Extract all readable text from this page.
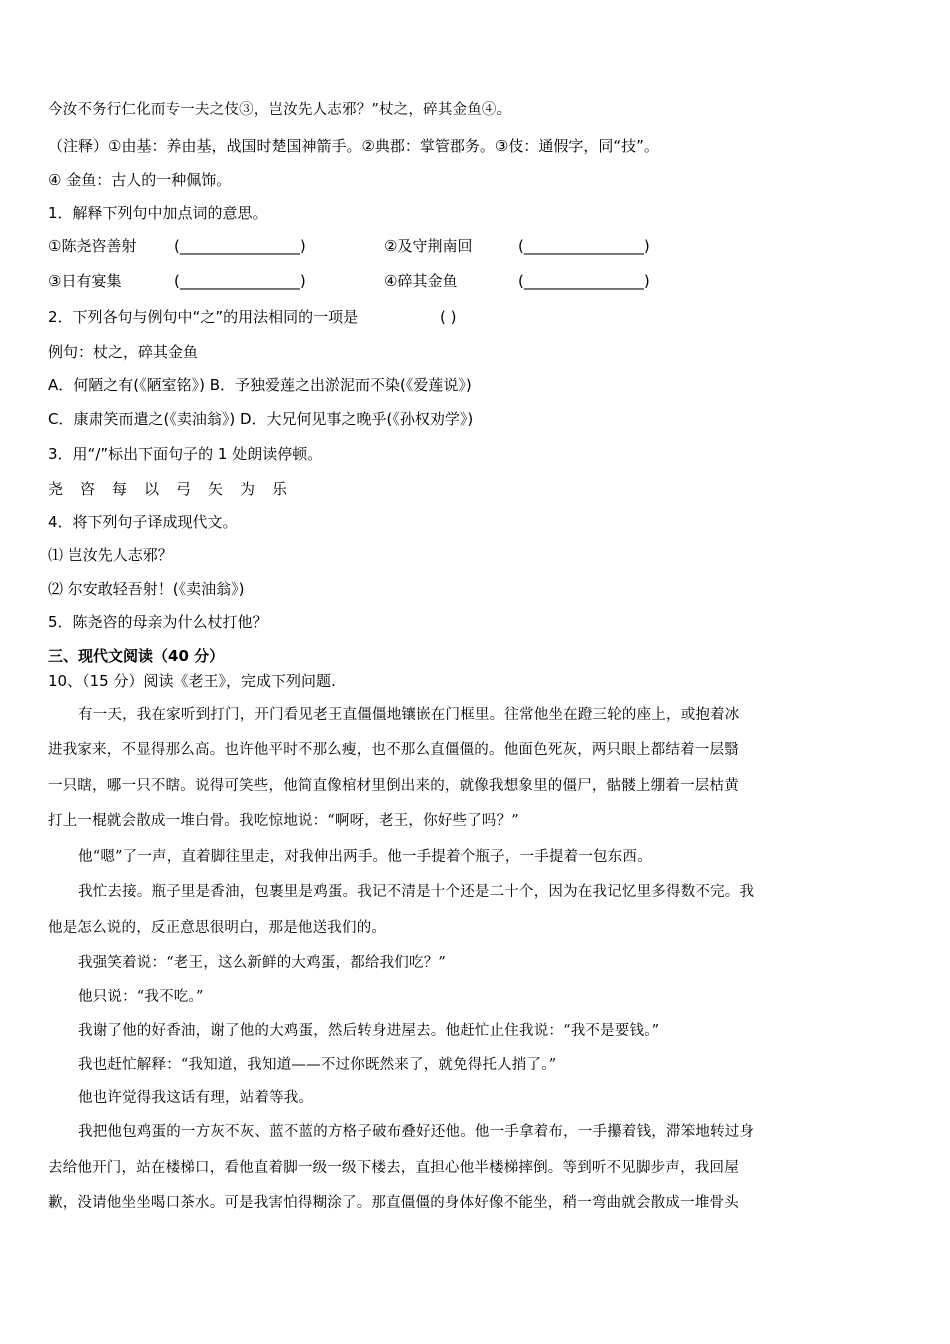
今汝不务行仁化而专一夫之伎③，岂汝先人志邪？”杖之，碎其金鱼④。
（注释）①由基：养由基，战国时楚国神箭手。②典郡：掌管郡务。③伎：通假字，同“技”。
④ 金鱼：古人的一种佩饰。
1．解释下列句中加点词的意思。
①陈尧咨善射	(________________)	②及守荆南回	(________________)
③日有宴集	(________________)	④碎其金鱼	(________________)
2．下列各句与例句中“之”的用法相同的一项是	( )
例句：杖之，碎其金鱼
A．何陋之有(《陋室铭》) B．予独爱莲之出淤泥而不染(《爱莲说》)
C．康肃笑而遣之(《卖油翁》) D．大兄何见事之晚乎(《孙权劝学》)
3．用“/”标出下面句子的 1 处朗读停顿。
尧咨每以弓矢为乐
4．将下列句子译成现代文。
⑴ 岂汝先人志邪？
⑵ 尔安敢轻吾射！(《卖油翁》)
5．陈尧咨的母亲为什么杖打他？
三、现代文阅读（40 分）
10、（15 分）阅读《老王》，完成下列问题.
有一天，我在家听到打门，开门看见老王直僵僵地镶嵌在门框里。往常他坐在蹬三轮的座上，或抱着冰
进我家来，不显得那么高。也许他平时不那么瘦，也不那么直僵僵的。他面色死灰，两只眼上都结着一层翳
一只瞎，哪一只不瞎。说得可笑些，他简直像棺材里倒出来的，就像我想象里的僵尸，骷髅上绷着一层枯黄
打上一棍就会散成一堆白骨。我吃惊地说：“啊呀，老王，你好些了吗？”
他“嗯”了一声，直着脚往里走，对我伸出两手。他一手提着个瓶子，一手提着一包东西。
我忙去接。瓶子里是香油，包裹里是鸡蛋。我记不清是十个还是二十个，因为在我记忆里多得数不完。我
他是怎么说的，反正意思很明白，那是他送我们的。
我强笑着说：“老王，这么新鲜的大鸡蛋，都给我们吃？”
他只说：“我不吃。”
我谢了他的好香油，谢了他的大鸡蛋，然后转身进屋去。他赶忙止住我说：“我不是要钱。”
我也赶忙解释：“我知道，我知道——不过你既然来了，就免得托人捎了。”
他也许觉得我这话有理，站着等我。
我把他包鸡蛋的一方灰不灰、蓝不蓝的方格子破布叠好还他。他一手拿着布，一手攥着钱，滞笨地转过身
去给他开门，站在楼梯口，看他直着脚一级一级下楼去，直担心他半楼梯摔倒。等到听不见脚步声，我回屋
歉，没请他坐坐喝口茶水。可是我害怕得糊涂了。那直僵僵的身体好像不能坐，稍一弯曲就会散成一堆骨头
